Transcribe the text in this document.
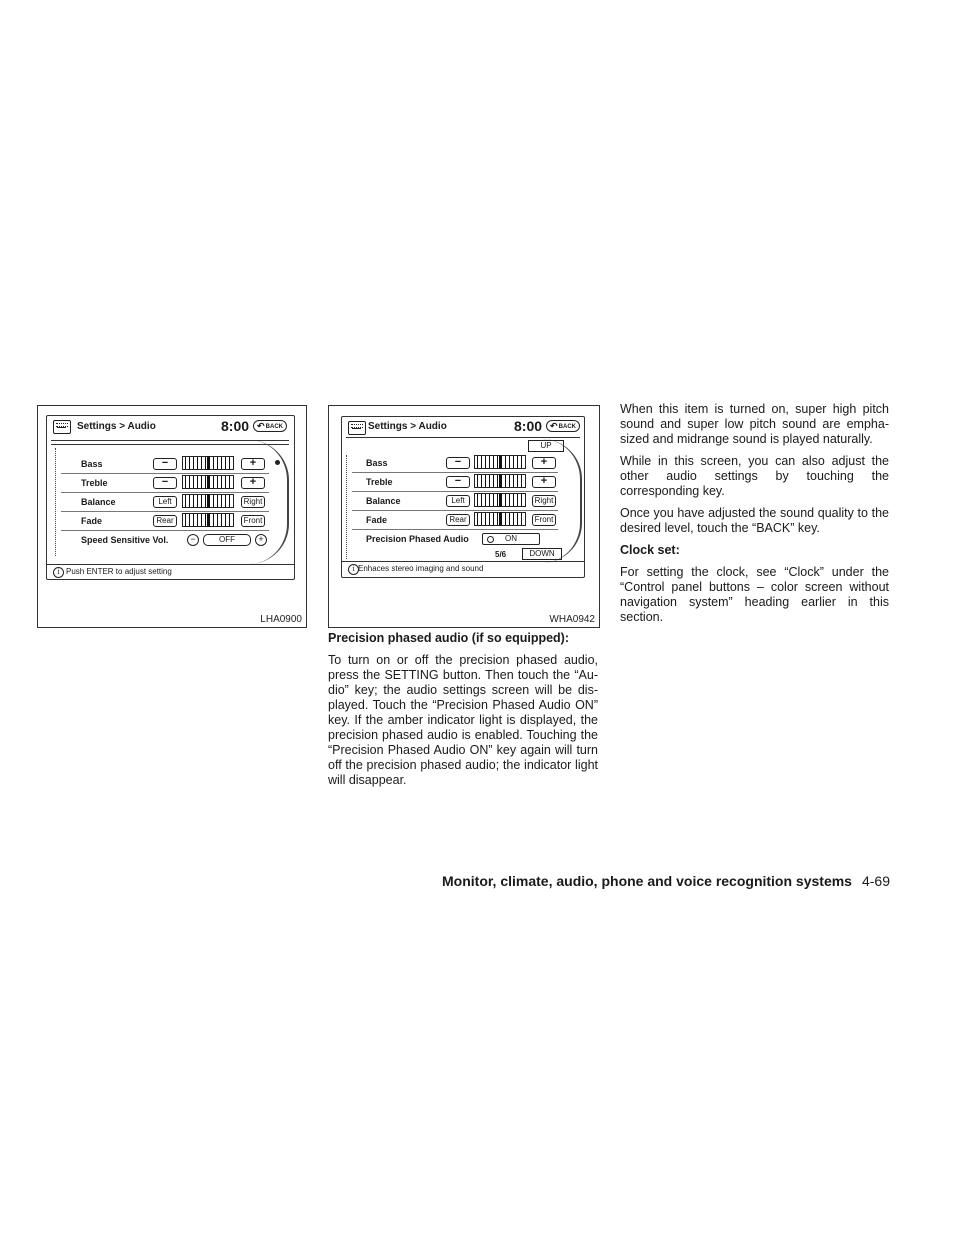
Settings > Audio	8:00	↶ BACK
Bass	−	+
Treble	−	+
Balance	Left	Right
Fade	Rear	Front
Speed Sensitive Vol.	−	OFF	+
i Push ENTER to adjust setting
LHA0900
Settings > Audio	8:00	↶ BACK
UP
Bass	−	+
Treble	−	+
Balance	Left	Right
Fade	Rear	Front
Precision Phased Audio	ON
5/6	DOWN
i Enhaces stereo imaging and sound
WHA0942
Precision phased audio (if so equipped):

To turn on or off the precision phased audio, press the SETTING button. Then touch the “Au-dio” key; the audio settings screen will be dis-played. Touch the “Precision Phased Audio ON” key. If the amber indicator light is displayed, the precision phased audio is enabled. Touching the “Precision Phased Audio ON” key again will turn off the precision phased audio; the indicator light will disappear.

When this item is turned on, super high pitch sound and super low pitch sound are empha-sized and midrange sound is played naturally.

While in this screen, you can also adjust the other audio settings by touching the corresponding key.

Once you have adjusted the sound quality to the desired level, touch the “BACK” key.

Clock set:

For setting the clock, see “Clock” under the “Control panel buttons – color screen without navigation system” heading earlier in this section.

Monitor, climate, audio, phone and voice recognition systems 4-69
